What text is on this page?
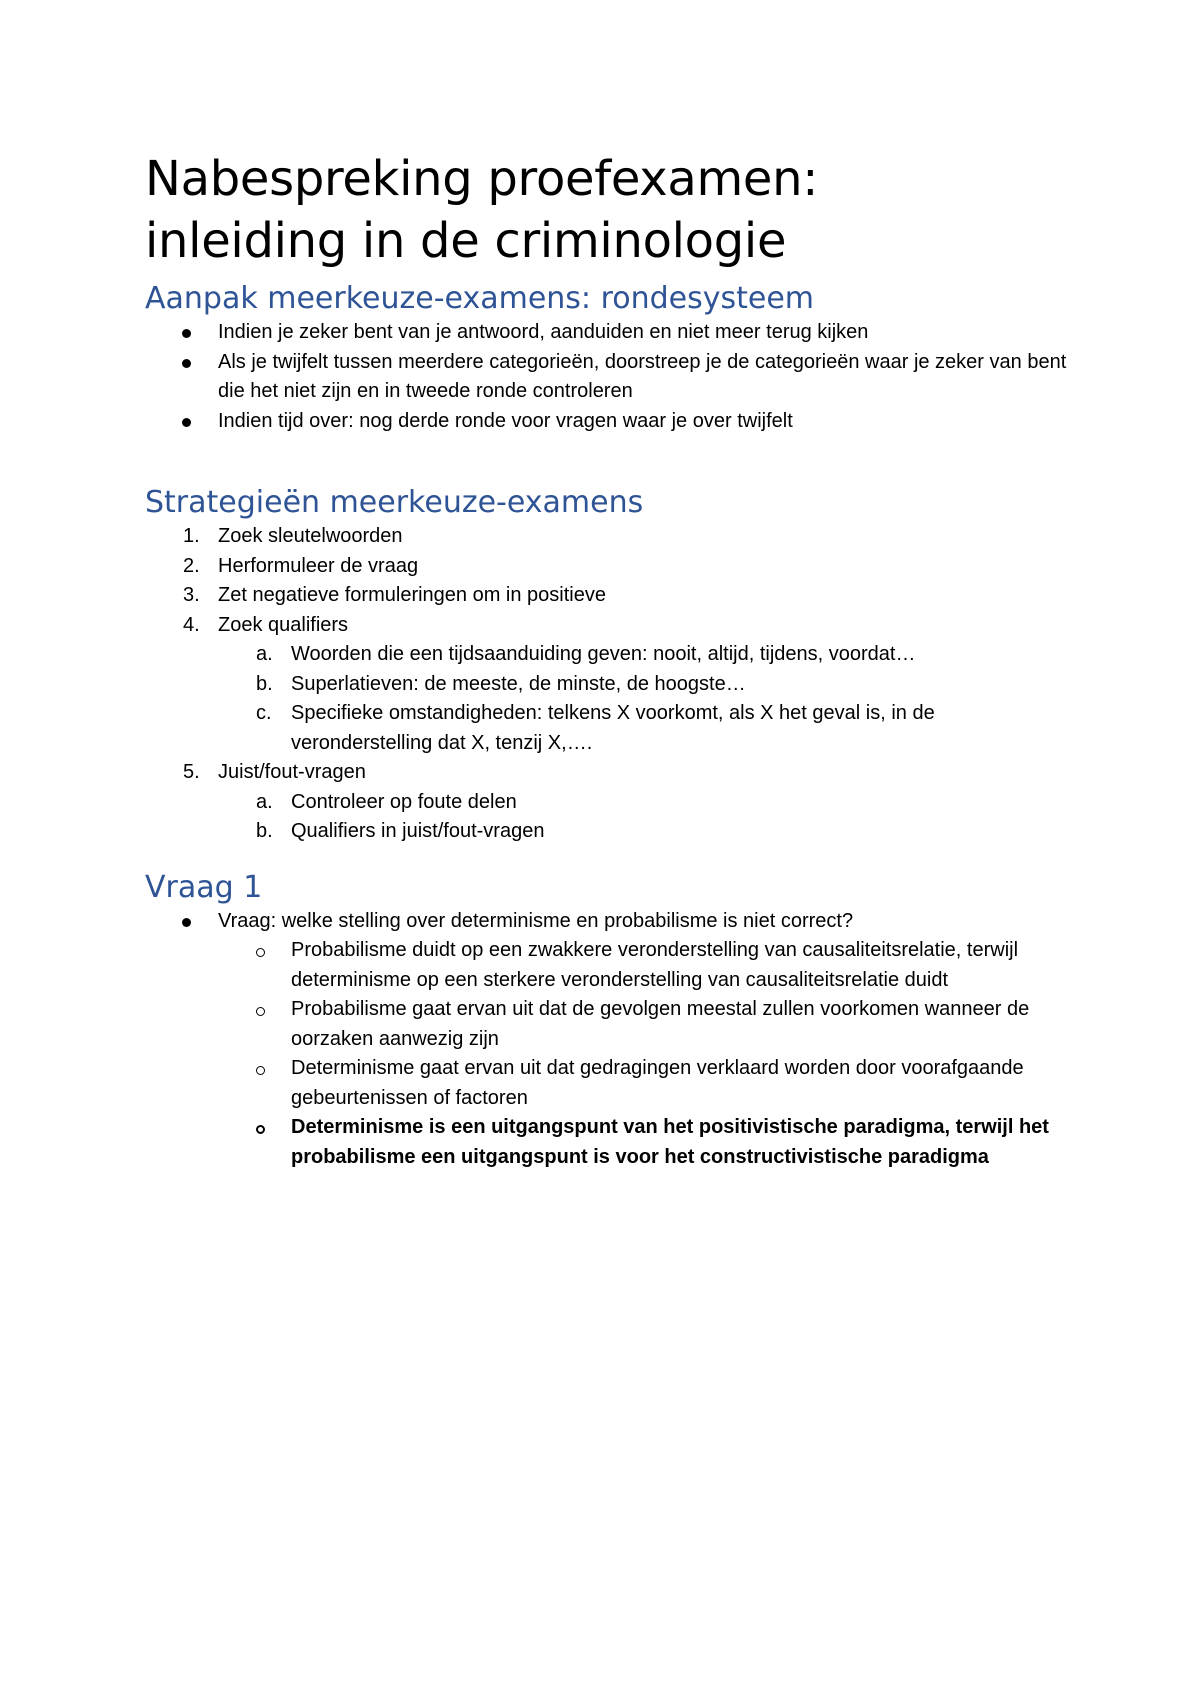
Nabespreking proefexamen:
inleiding in de criminologie
Aanpak meerkeuze-examens: rondesysteem
Indien je zeker bent van je antwoord, aanduiden en niet meer terug kijken
Als je twijfelt tussen meerdere categorieën, doorstreep je de categorieën waar je zeker van bent die het niet zijn en in tweede ronde controleren
Indien tijd over: nog derde ronde voor vragen waar je over twijfelt
Strategieën meerkeuze-examens
1. Zoek sleutelwoorden
2. Herformuleer de vraag
3. Zet negatieve formuleringen om in positieve
4. Zoek qualifiers
a. Woorden die een tijdsaanduiding geven: nooit, altijd, tijdens, voordat…
b. Superlatieven: de meeste, de minste, de hoogste…
c. Specifieke omstandigheden: telkens X voorkomt, als X het geval is, in de veronderstelling dat X, tenzij X,….
5. Juist/fout-vragen
a. Controleer op foute delen
b. Qualifiers in juist/fout-vragen
Vraag 1
Vraag: welke stelling over determinisme en probabilisme is niet correct?
Probabilisme duidt op een zwakkere veronderstelling van causaliteitsrelatie, terwijl determinisme op een sterkere veronderstelling van causaliteitsrelatie duidt
Probabilisme gaat ervan uit dat de gevolgen meestal zullen voorkomen wanneer de oorzaken aanwezig zijn
Determinisme gaat ervan uit dat gedragingen verklaard worden door voorafgaande gebeurtenissen of factoren
Determinisme is een uitgangspunt van het positivistische paradigma, terwijl het probabilisme een uitgangspunt is voor het constructivistische paradigma
